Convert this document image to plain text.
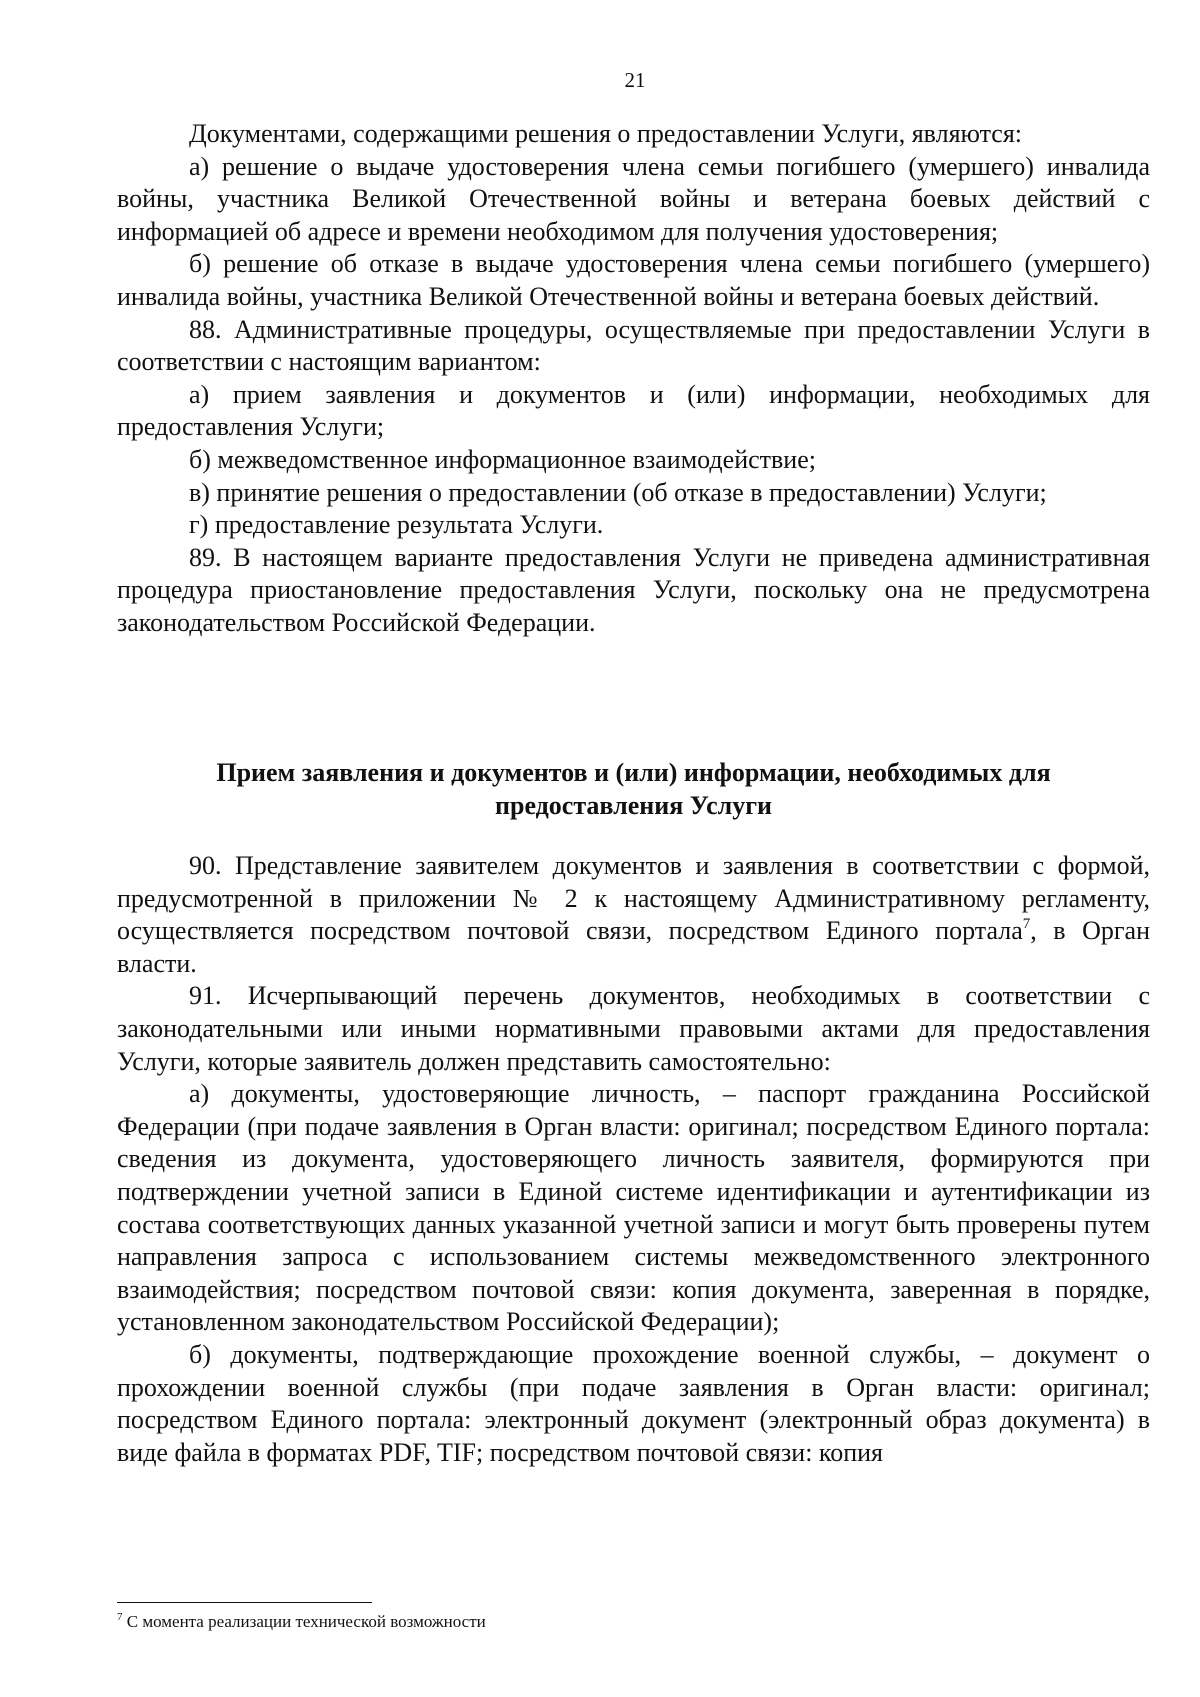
21

Документами, содержащими решения о предоставлении Услуги, являются:

а) решение о выдаче удостоверения члена семьи погибшего (умершего) инвалида войны, участника Великой Отечественной войны и ветерана боевых действий с информацией об адресе и времени необходимом для получения удостоверения;

б) решение об отказе в выдаче удостоверения члена семьи погибшего (умершего) инвалида войны, участника Великой Отечественной войны и ветерана боевых действий.

88. Административные процедуры, осуществляемые при предоставлении Услуги в соответствии с настоящим вариантом:

а) прием заявления и документов и (или) информации, необходимых для предоставления Услуги;

б) межведомственное информационное взаимодействие;

в) принятие решения о предоставлении (об отказе в предоставлении) Услуги;

г) предоставление результата Услуги.

89. В настоящем варианте предоставления Услуги не приведена административная процедура приостановление предоставления Услуги, поскольку она не предусмотрена законодательством Российской Федерации.

Прием заявления и документов и (или) информации, необходимых для
предоставления Услуги

90. Представление заявителем документов и заявления в соответствии с формой, предусмотренной в приложении № 2 к настоящему Административному регламенту, осуществляется посредством почтовой связи, посредством Единого портала$^7$, в Орган власти.

91. Исчерпывающий перечень документов, необходимых в соответствии с законодательными или иными нормативными правовыми актами для предоставления Услуги, которые заявитель должен представить самостоятельно:

а) документы, удостоверяющие личность, – паспорт гражданина Российской Федерации (при подаче заявления в Орган власти: оригинал; посредством Единого портала: сведения из документа, удостоверяющего личность заявителя, формируются при подтверждении учетной записи в Единой системе идентификации и аутентификации из состава соответствующих данных указанной учетной записи и могут быть проверены путем направления запроса с использованием системы межведомственного электронного взаимодействия; посредством почтовой связи: копия документа, заверенная в порядке, установленном законодательством Российской Федерации);

б) документы, подтверждающие прохождение военной службы, – документ о прохождении военной службы (при подаче заявления в Орган власти: оригинал; посредством Единого портала: электронный документ (электронный образ документа) в виде файла в форматах PDF, TIF; посредством почтовой связи: копия

$^7$ С момента реализации технической возможности
